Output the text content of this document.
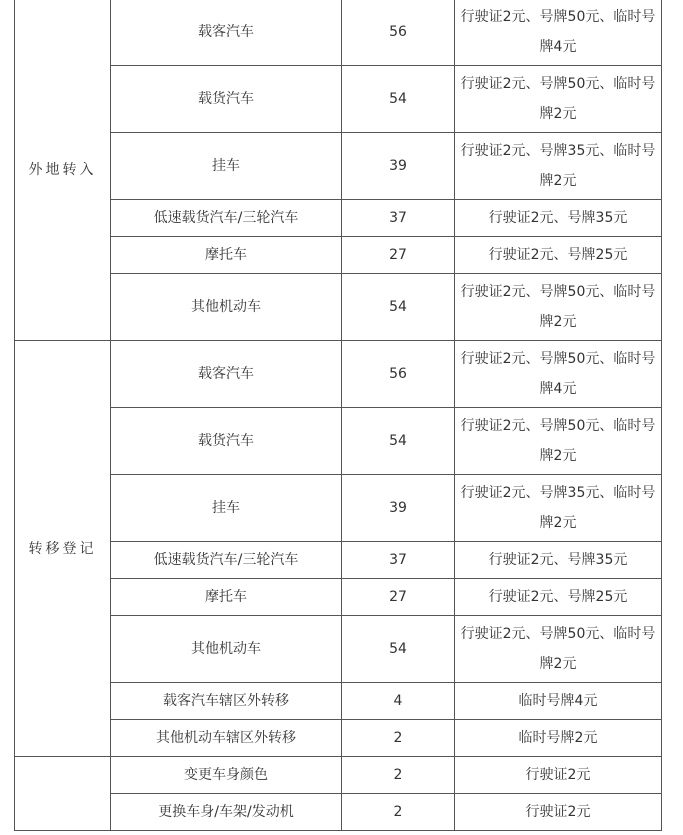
外地转入	载客汽车	56	行驶证2元、号牌50元、临时号牌4元
	载货汽车	54	行驶证2元、号牌50元、临时号牌2元
	挂车	39	行驶证2元、号牌35元、临时号牌2元
	低速载货汽车/三轮汽车	37	行驶证2元、号牌35元
	摩托车	27	行驶证2元、号牌25元
	其他机动车	54	行驶证2元、号牌50元、临时号牌2元
转移登记	载客汽车	56	行驶证2元、号牌50元、临时号牌4元
	载货汽车	54	行驶证2元、号牌50元、临时号牌2元
	挂车	39	行驶证2元、号牌35元、临时号牌2元
	低速载货汽车/三轮汽车	37	行驶证2元、号牌35元
	摩托车	27	行驶证2元、号牌25元
	其他机动车	54	行驶证2元、号牌50元、临时号牌2元
	载客汽车辖区外转移	4	临时号牌4元
	其他机动车辖区外转移	2	临时号牌2元
	变更车身颜色	2	行驶证2元
	更换车身/车架/发动机	2	行驶证2元
